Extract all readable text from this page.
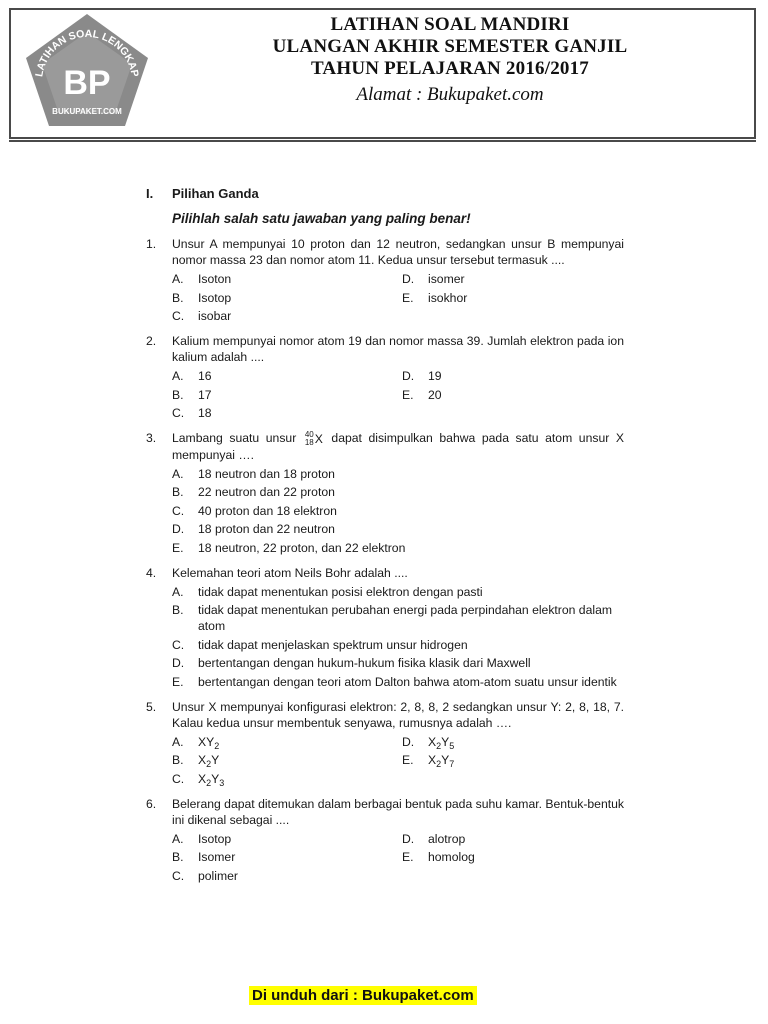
LATIHAN SOAL LENGKAP
BP
BUKUPAKET.COM
LATIHAN SOAL MANDIRI
ULANGAN AKHIR SEMESTER GANJIL
TAHUN PELAJARAN 2016/2017
Alamat : Bukupaket.com
I.	Pilihan Ganda
Pilihlah salah satu jawaban yang paling benar!
1.	Unsur A mempunyai 10 proton dan 12 neutron, sedangkan unsur B mempunyai nomor massa 23 dan nomor atom 11. Kedua unsur tersebut termasuk ....
A.	Isoton	D.	isomer
B.	Isotop	E.	isokhor
C.	isobar
2.	Kalium mempunyai nomor atom 19 dan nomor massa 39. Jumlah elektron pada ion kalium adalah ....
A.	16	D.	19
B.	17	E.	20
C.	18
3.	Lambang suatu unsur 40
18 X dapat disimpulkan bahwa pada satu atom unsur X mempunyai ….
A.	18 neutron dan 18 proton
B.	22 neutron dan 22 proton
C.	40 proton dan 18 elektron
D.	18 proton dan 22 neutron
E.	18 neutron, 22 proton, dan 22 elektron
4.	Kelemahan teori atom Neils Bohr adalah ....
A.	tidak dapat menentukan posisi elektron dengan pasti
B.	tidak dapat menentukan perubahan energi pada perpindahan elektron dalam atom
C.	tidak dapat menjelaskan spektrum unsur hidrogen
D.	bertentangan dengan hukum-hukum fisika klasik dari Maxwell
E.	bertentangan dengan teori atom Dalton bahwa atom-atom suatu unsur identik
5.	Unsur X mempunyai konfigurasi elektron: 2, 8, 8, 2 sedangkan unsur Y: 2, 8, 18, 7. Kalau kedua unsur membentuk senyawa, rumusnya adalah ….
A.	$XY_2$	D.	$X_2Y_5$
B.	$X_2Y$	E.	$X_2Y_7$
C.	$X_2Y_3$
6.	Belerang dapat ditemukan dalam berbagai bentuk pada suhu kamar. Bentuk-bentuk ini dikenal sebagai ....
A.	Isotop	D.	alotrop
B.	Isomer	E.	homolog
C.	polimer
Di unduh dari : Bukupaket.com
